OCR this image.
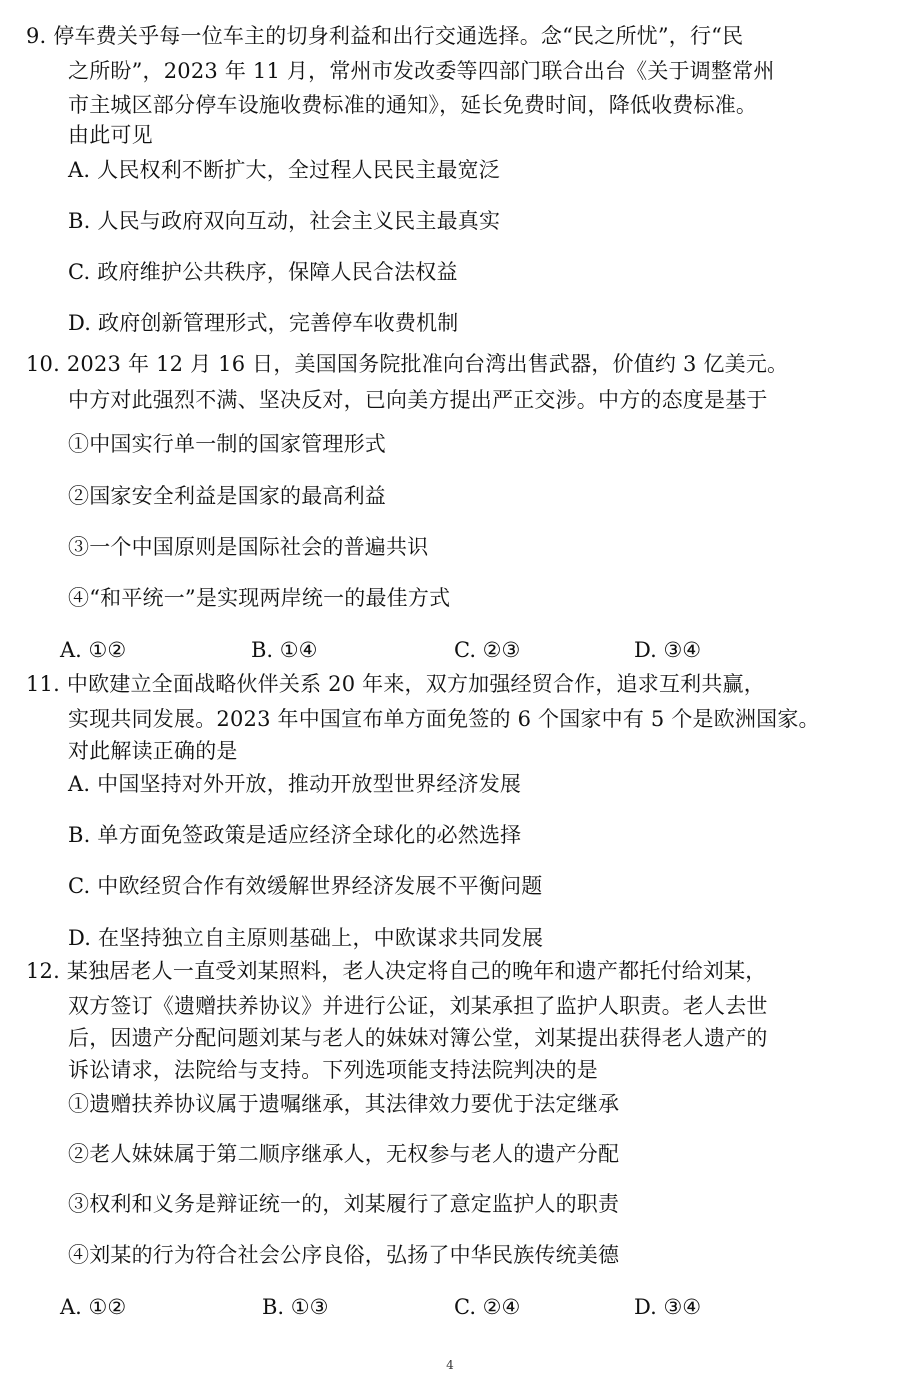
9. 停车费关乎每一位车主的切身利益和出行交通选择。念“民之所忧”，行“民
之所盼”，2023 年 11 月，常州市发改委等四部门联合出台《关于调整常州
市主城区部分停车设施收费标准的通知》，延长免费时间，降低收费标准。
由此可见
A. 人民权利不断扩大，全过程人民民主最宽泛
B. 人民与政府双向互动，社会主义民主最真实
C. 政府维护公共秩序，保障人民合法权益
D. 政府创新管理形式，完善停车收费机制
10. 2023 年 12 月 16 日，美国国务院批准向台湾出售武器，价值约 3 亿美元。
中方对此强烈不满、坚决反对，已向美方提出严正交涉。中方的态度是基于
①中国实行单一制的国家管理形式
②国家安全利益是国家的最高利益
③一个中国原则是国际社会的普遍共识
④“和平统一”是实现两岸统一的最佳方式
A. ①②	B. ①④	C. ②③	D. ③④
11. 中欧建立全面战略伙伴关系 20 年来，双方加强经贸合作，追求互利共赢，
实现共同发展。2023 年中国宣布单方面免签的 6 个国家中有 5 个是欧洲国家。
对此解读正确的是
A. 中国坚持对外开放，推动开放型世界经济发展
B. 单方面免签政策是适应经济全球化的必然选择
C. 中欧经贸合作有效缓解世界经济发展不平衡问题
D. 在坚持独立自主原则基础上，中欧谋求共同发展
12. 某独居老人一直受刘某照料，老人决定将自己的晚年和遗产都托付给刘某，
双方签订《遗赠扶养协议》并进行公证，刘某承担了监护人职责。老人去世
后，因遗产分配问题刘某与老人的妹妹对簿公堂，刘某提出获得老人遗产的
诉讼请求，法院给与支持。下列选项能支持法院判决的是
①遗赠扶养协议属于遗嘱继承，其法律效力要优于法定继承
②老人妹妹属于第二顺序继承人，无权参与老人的遗产分配
③权利和义务是辩证统一的，刘某履行了意定监护人的职责
④刘某的行为符合社会公序良俗，弘扬了中华民族传统美德
A. ①②	B. ①③	C. ②④	D. ③④
4
